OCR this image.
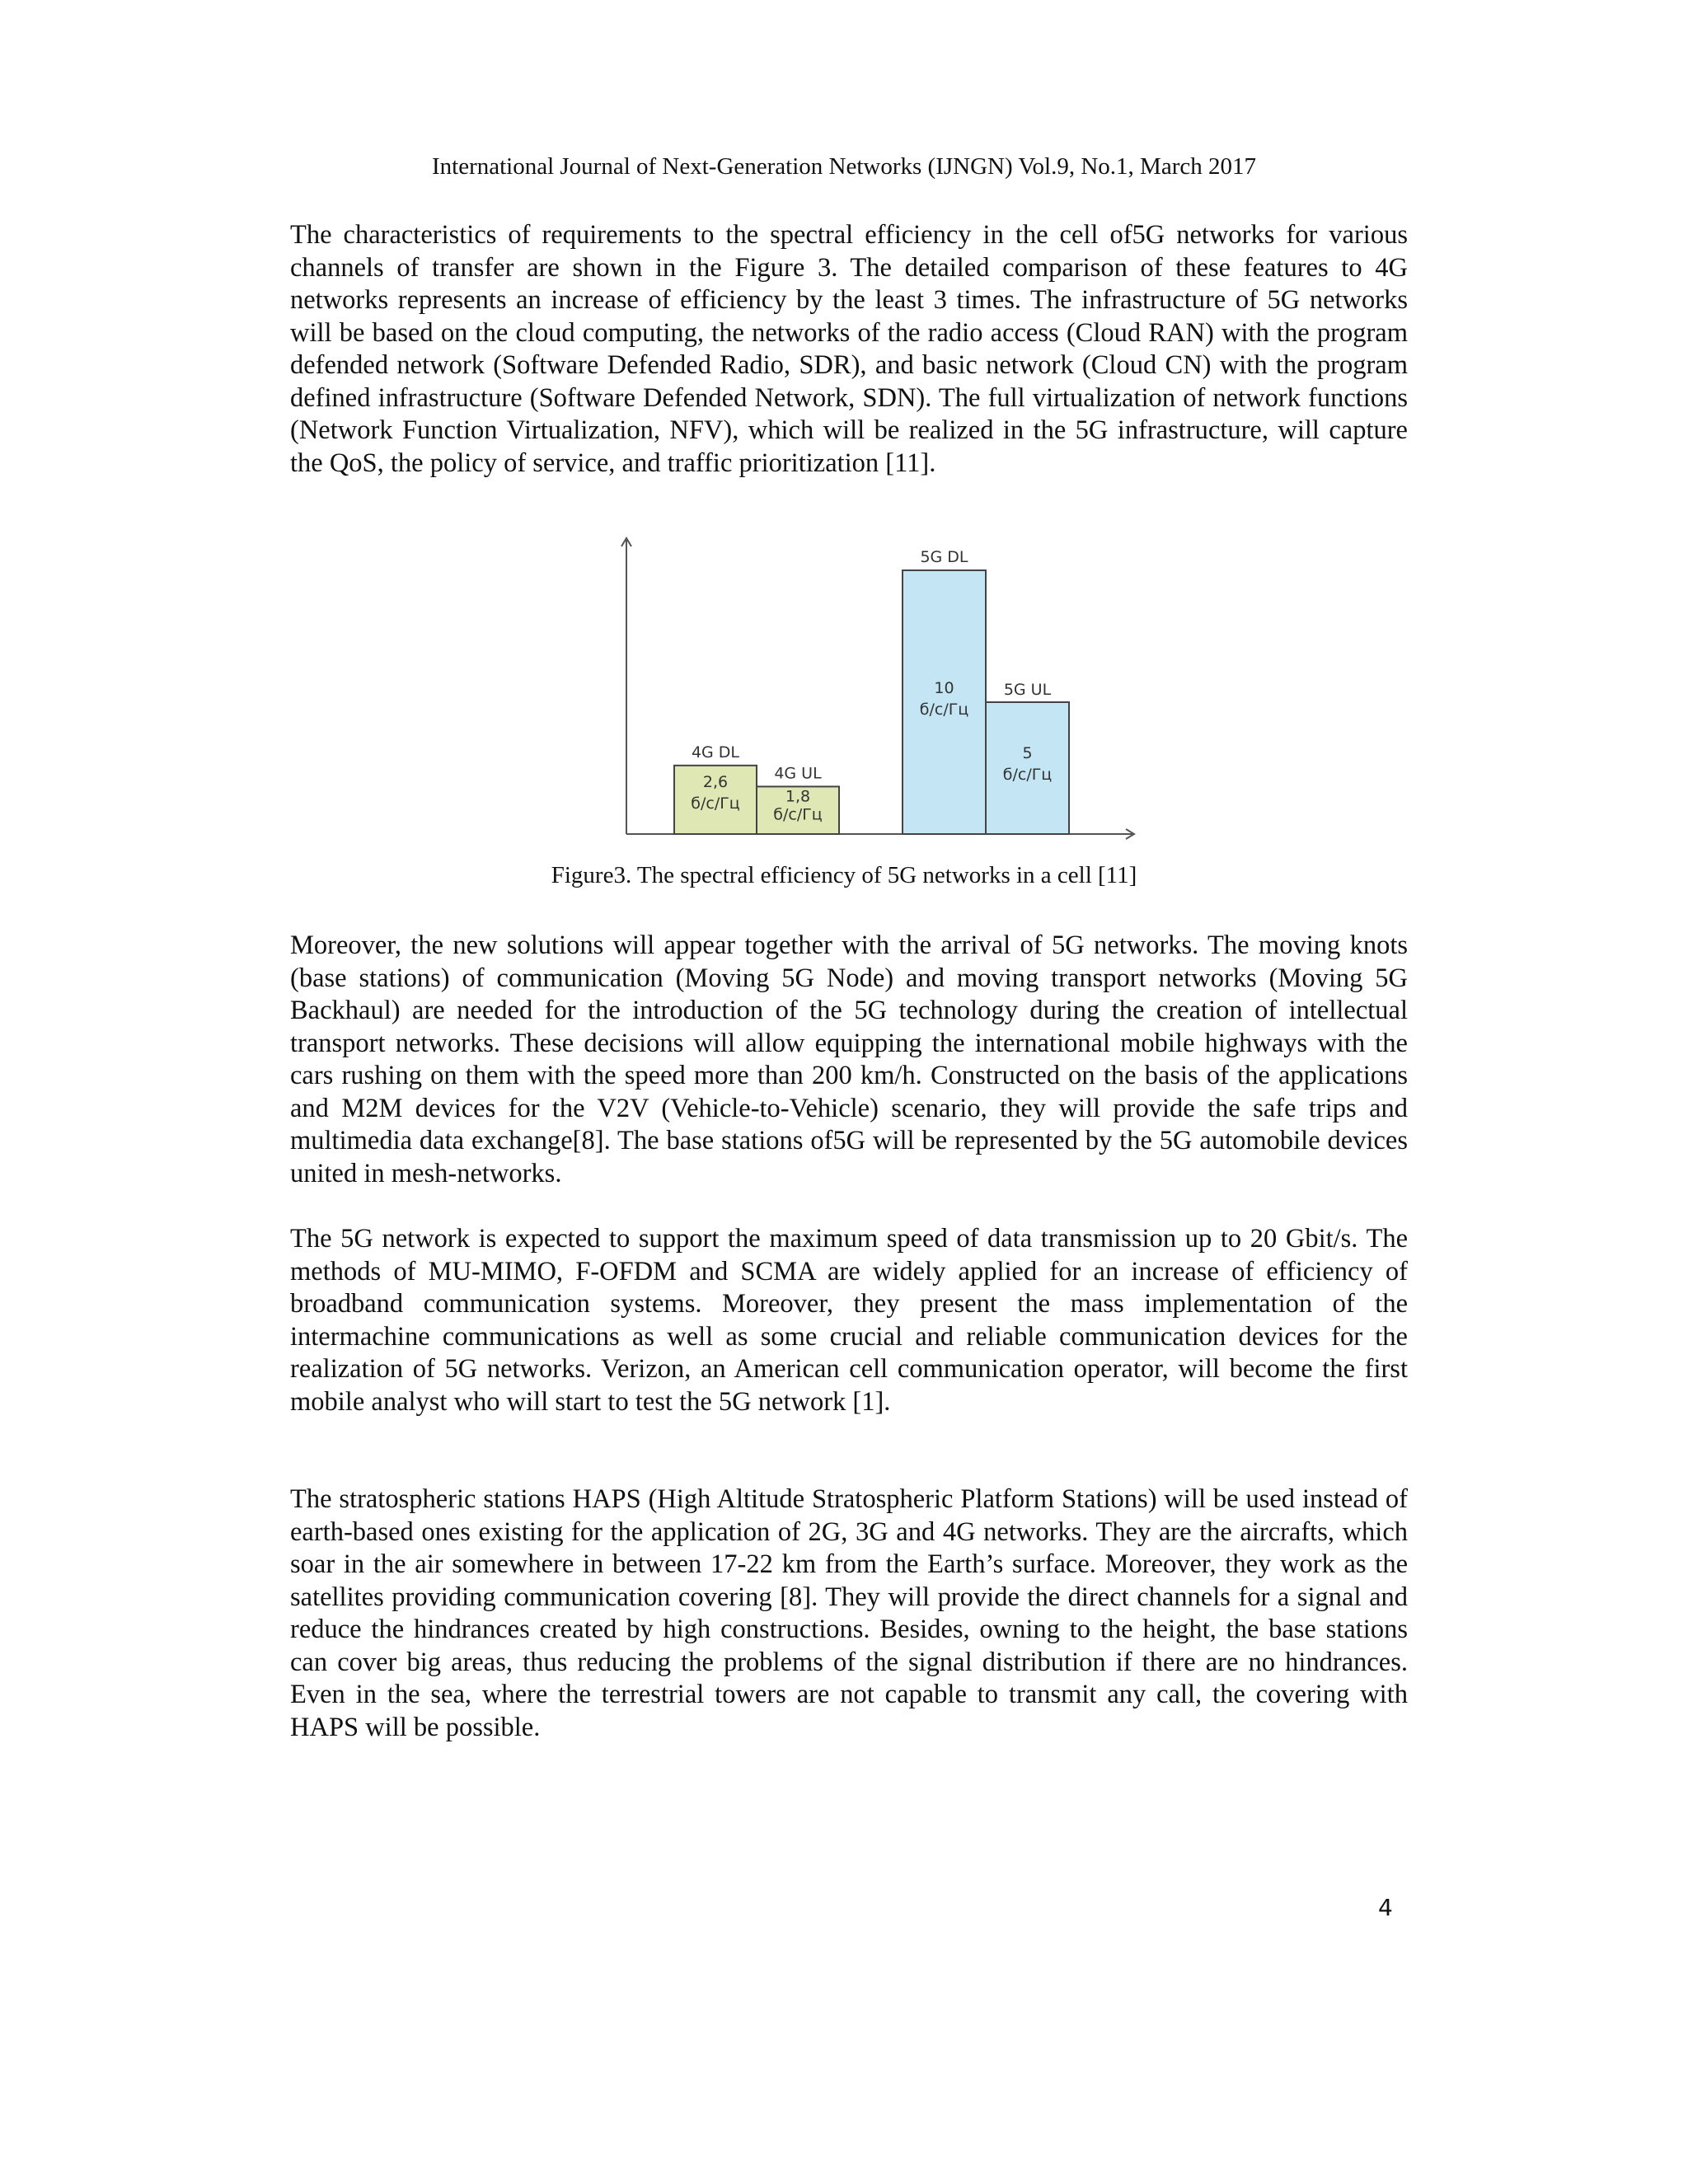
International Journal of Next-Generation Networks (IJNGN) Vol.9, No.1, March 2017

The characteristics of requirements to the spectral efficiency in the cell of5G networks for various channels of transfer are shown in the Figure 3. The detailed comparison of these features to 4G networks represents an increase of efficiency by the least 3 times. The infrastructure of 5G networks will be based on the cloud computing, the networks of the radio access (Cloud RAN) with the program defended network (Software Defended Radio, SDR), and basic network (Cloud CN) with the program defined infrastructure (Software Defended Network, SDN). The full virtualization of network functions (Network Function Virtualization, NFV), which will be realized in the 5G infrastructure, will capture the QoS, the policy of service, and traffic prioritization [11].

4G DL
2,6
б/с/Гц
4G UL
1,8
б/с/Гц
5G DL
10
б/с/Гц
5G UL
5
б/с/Гц
Figure3. The spectral efficiency of 5G networks in a cell [11]

Moreover, the new solutions will appear together with the arrival of 5G networks. The moving knots (base stations) of communication (Moving 5G Node) and moving transport networks (Moving 5G Backhaul) are needed for the introduction of the 5G technology during the creation of intellectual transport networks. These decisions will allow equipping the international mobile highways with the cars rushing on them with the speed more than 200 km/h. Constructed on the basis of the applications and M2M devices for the V2V (Vehicle-to-Vehicle) scenario, they will provide the safe trips and multimedia data exchange[8]. The base stations of5G will be represented by the 5G automobile devices united in mesh-networks.

The 5G network is expected to support the maximum speed of data transmission up to 20 Gbit/s. The methods of MU-MIMO, F-OFDM and SCMA are widely applied for an increase of efficiency of broadband communication systems. Moreover, they present the mass implementation of the intermachine communications as well as some crucial and reliable communication devices for the realization of 5G networks. Verizon, an American cell communication operator, will become the first mobile analyst who will start to test the 5G network [1].

The stratospheric stations HAPS (High Altitude Stratospheric Platform Stations) will be used instead of earth-based ones existing for the application of 2G, 3G and 4G networks. They are the aircrafts, which soar in the air somewhere in between 17-22 km from the Earth’s surface. Moreover, they work as the satellites providing communication covering [8]. They will provide the direct channels for a signal and reduce the hindrances created by high constructions. Besides, owning to the height, the base stations can cover big areas, thus reducing the problems of the signal distribution if there are no hindrances. Even in the sea, where the terrestrial towers are not capable to transmit any call, the covering with HAPS will be possible.

4
